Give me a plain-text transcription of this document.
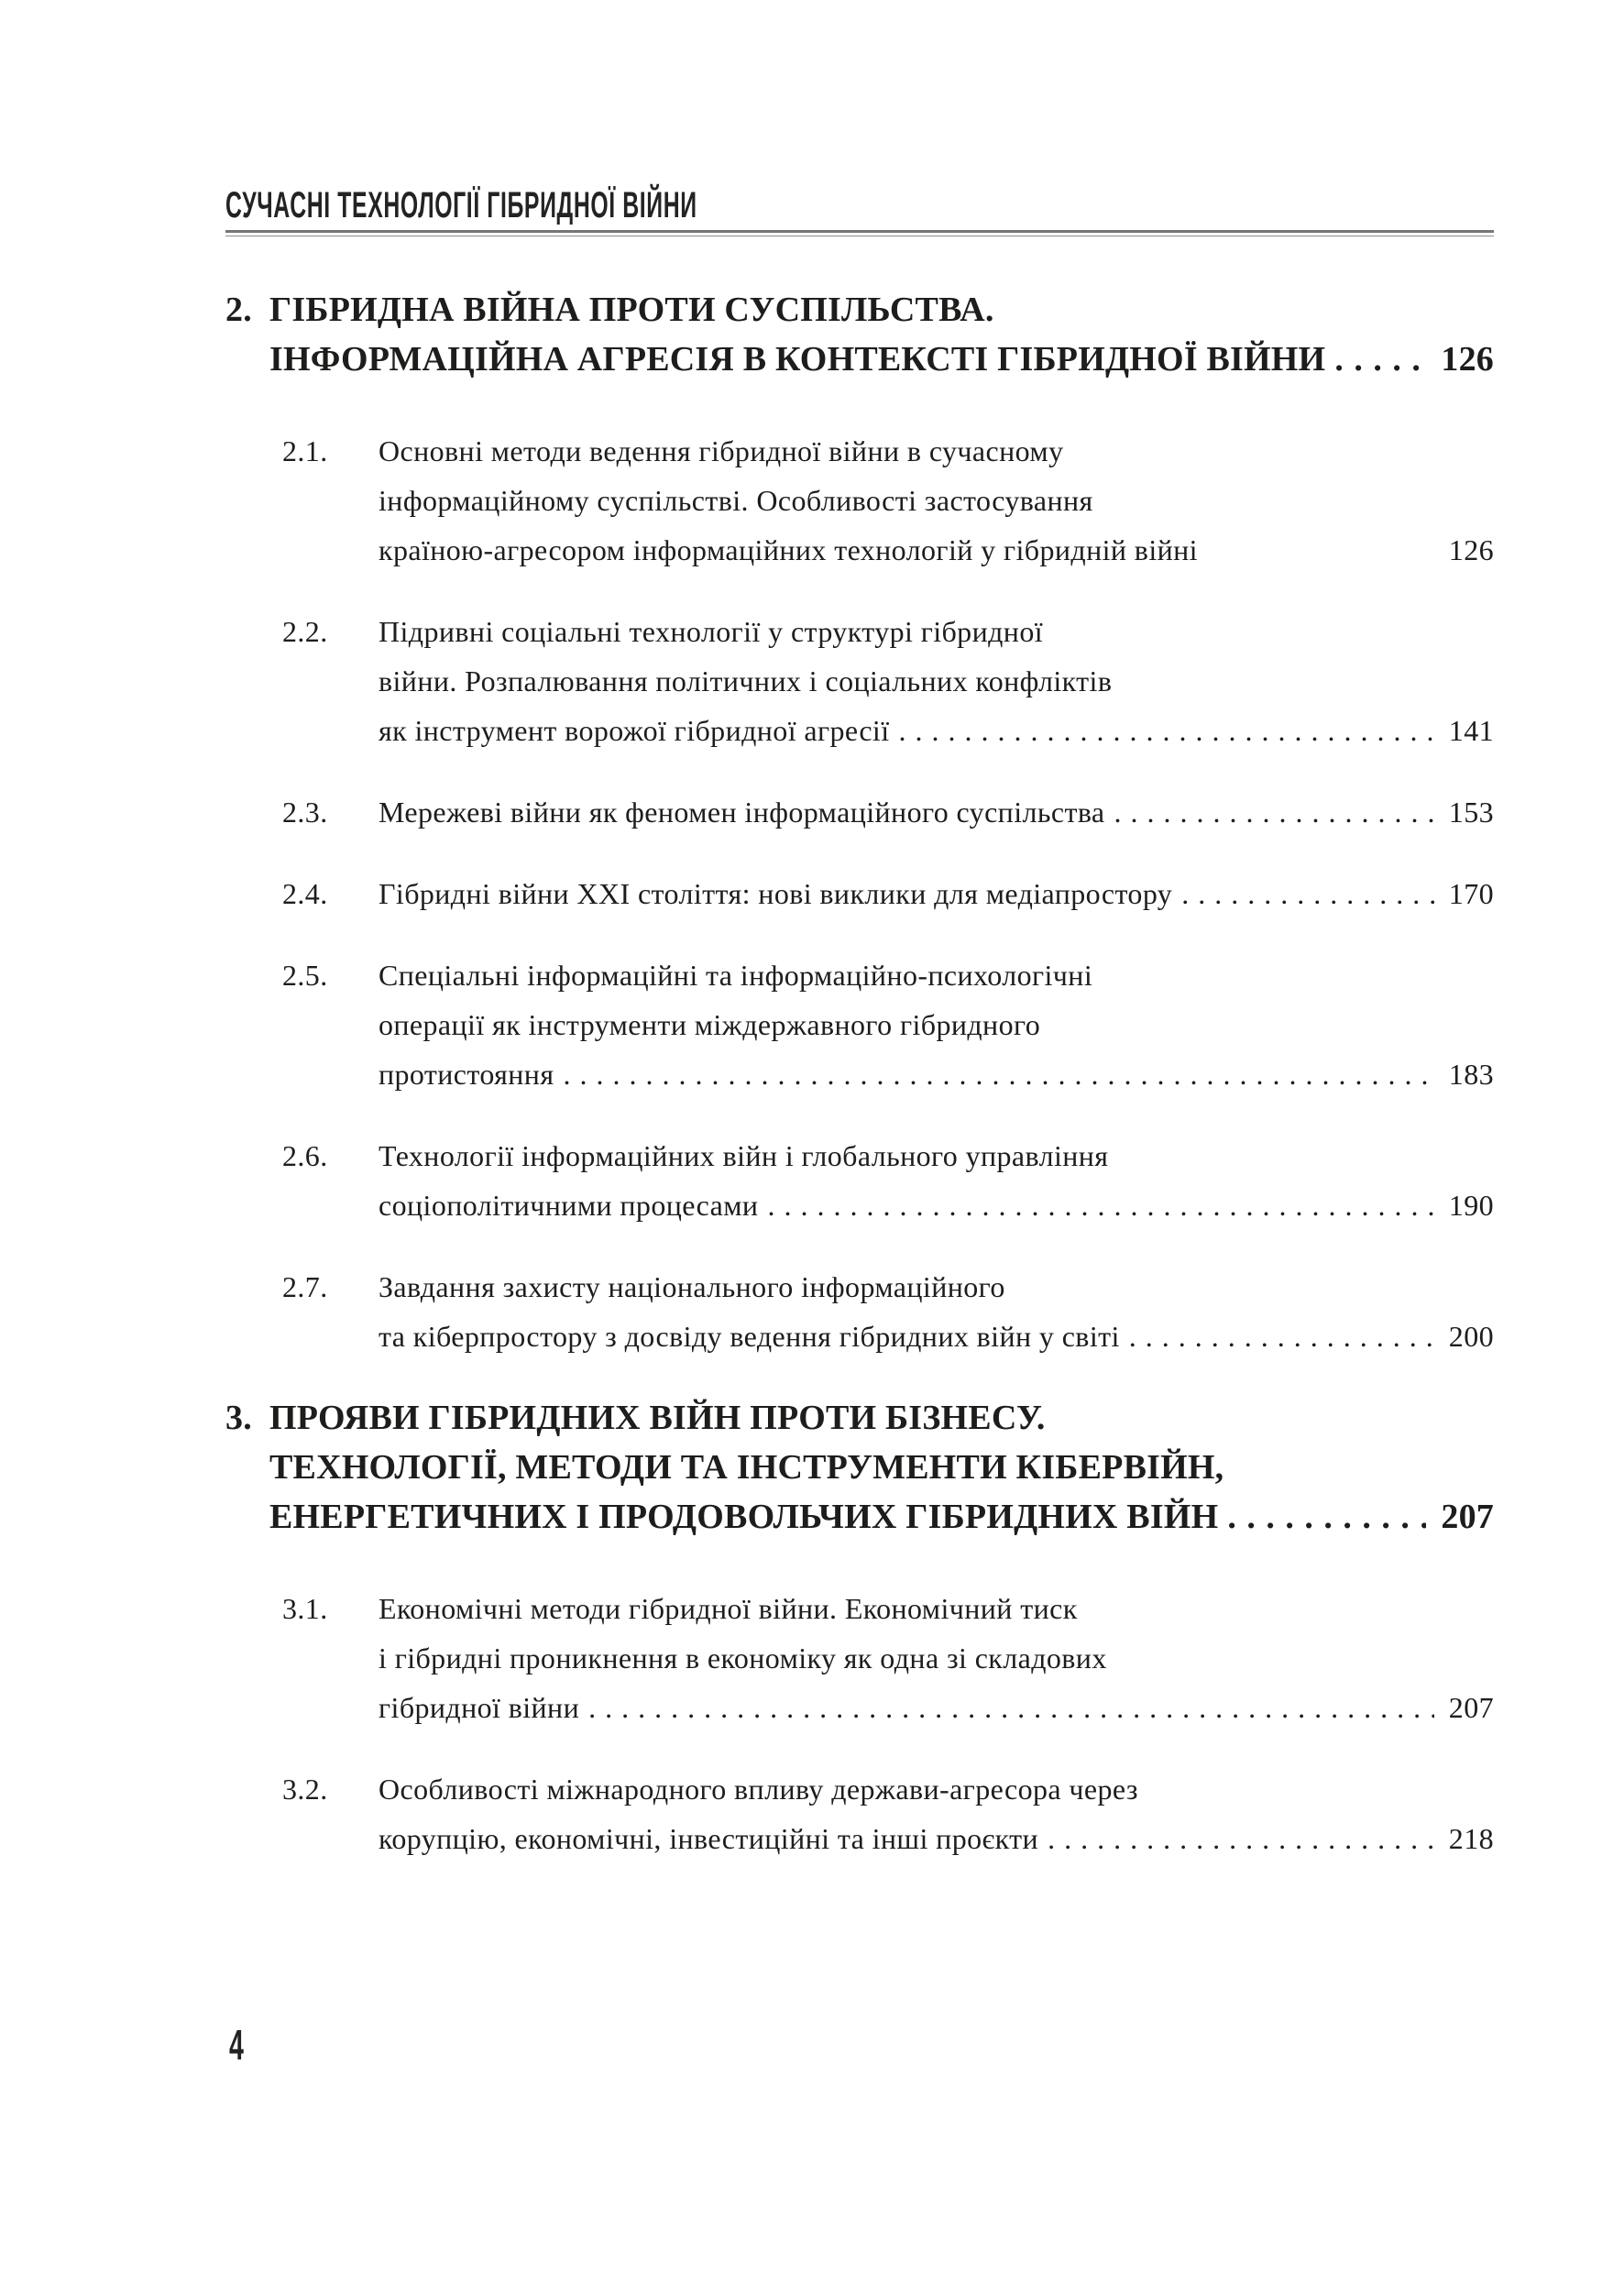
СУЧАСНІ ТЕХНОЛОГІЇ ГІБРИДНОЇ ВІЙНИ
2. ГІБРИДНА ВІЙНА ПРОТИ СУСПІЛЬСТВА.
ІНФОРМАЦІЙНА АГРЕСІЯ В КОНТЕКСТІ ГІБРИДНОЇ ВІЙНИ . . .	126
2.1.	Основні методи ведення гібридної війни в сучасному
інформаційному суспільстві. Особливості застосування
країною-агресором інформаційних технологій у гібридній війні	126
2.2.	Підривні соціальні технології у структурі гібридної
війни. Розпалювання політичних і соціальних конфліктів
як інструмент ворожої гібридної агресії . . .	141
2.3.	Мережеві війни як феномен інформаційного суспільства . . .	153
2.4.	Гібридні війни ХХІ століття: нові виклики для медіапростору . . .	170
2.5.	Спеціальні інформаційні та інформаційно-психологічні
операції як інструменти міждержавного гібридного
протистояння . . .	183
2.6.	Технології інформаційних війн і глобального управління
соціополітичними процесами . . .	190
2.7.	Завдання захисту національного інформаційного
та кіберпростору з досвіду ведення гібридних війн у світі . . .	200
3. ПРОЯВИ ГІБРИДНИХ ВІЙН ПРОТИ БІЗНЕСУ.
ТЕХНОЛОГІЇ, МЕТОДИ ТА ІНСТРУМЕНТИ КІБЕРВІЙН,
ЕНЕРГЕТИЧНИХ І ПРОДОВОЛЬЧИХ ГІБРИДНИХ ВІЙН . . .	207
3.1.	Економічні методи гібридної війни. Економічний тиск
і гібридні проникнення в економіку як одна зі складових
гібридної війни . . .	207
3.2.	Особливості міжнародного впливу держави-агресора через
корупцію, економічні, інвестиційні та інші проєкти . . .	218
4
